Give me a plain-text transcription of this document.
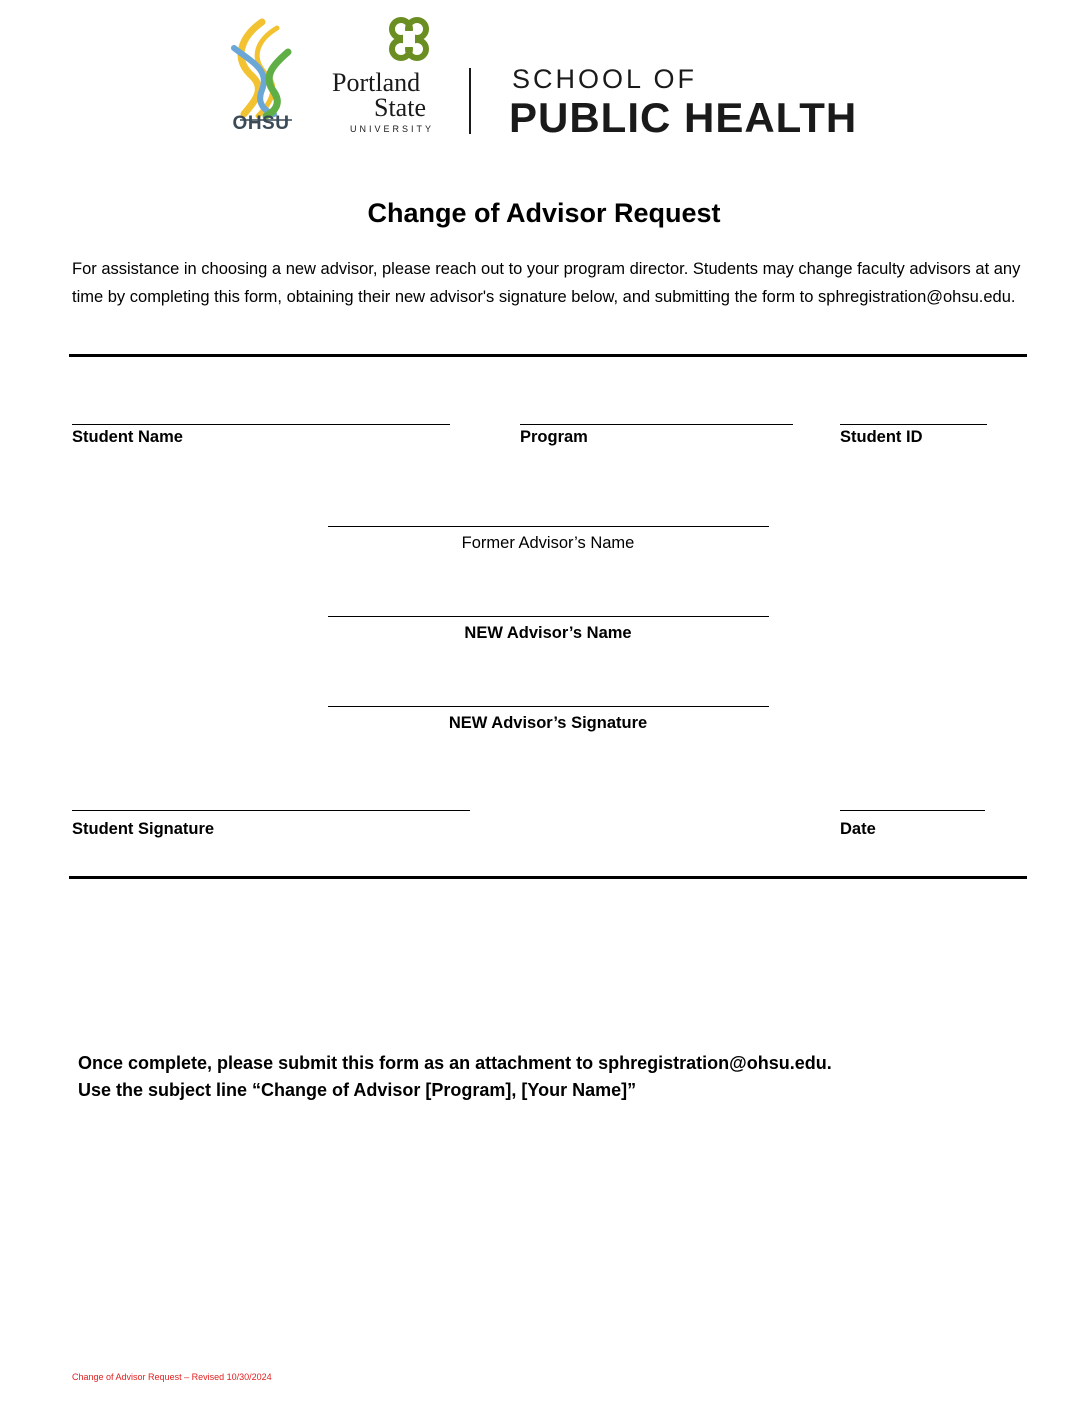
OHSU
Portland
State
UNIVERSITY
SCHOOL OF
PUBLIC HEALTH
Change of Advisor Request
For assistance in choosing a new advisor, please reach out to your program director. Students may change faculty advisors at any time by completing this form, obtaining their new advisor's signature below, and submitting the form to sphregistration@ohsu.edu.
Student Name	Program	Student ID
Former Advisor’s Name
NEW Advisor’s Name
NEW Advisor’s Signature
Student Signature	Date
Once complete, please submit this form as an attachment to sphregistration@ohsu.edu.
Use the subject line “Change of Advisor [Program], [Your Name]”
Change of Advisor Request – Revised 10/30/2024
